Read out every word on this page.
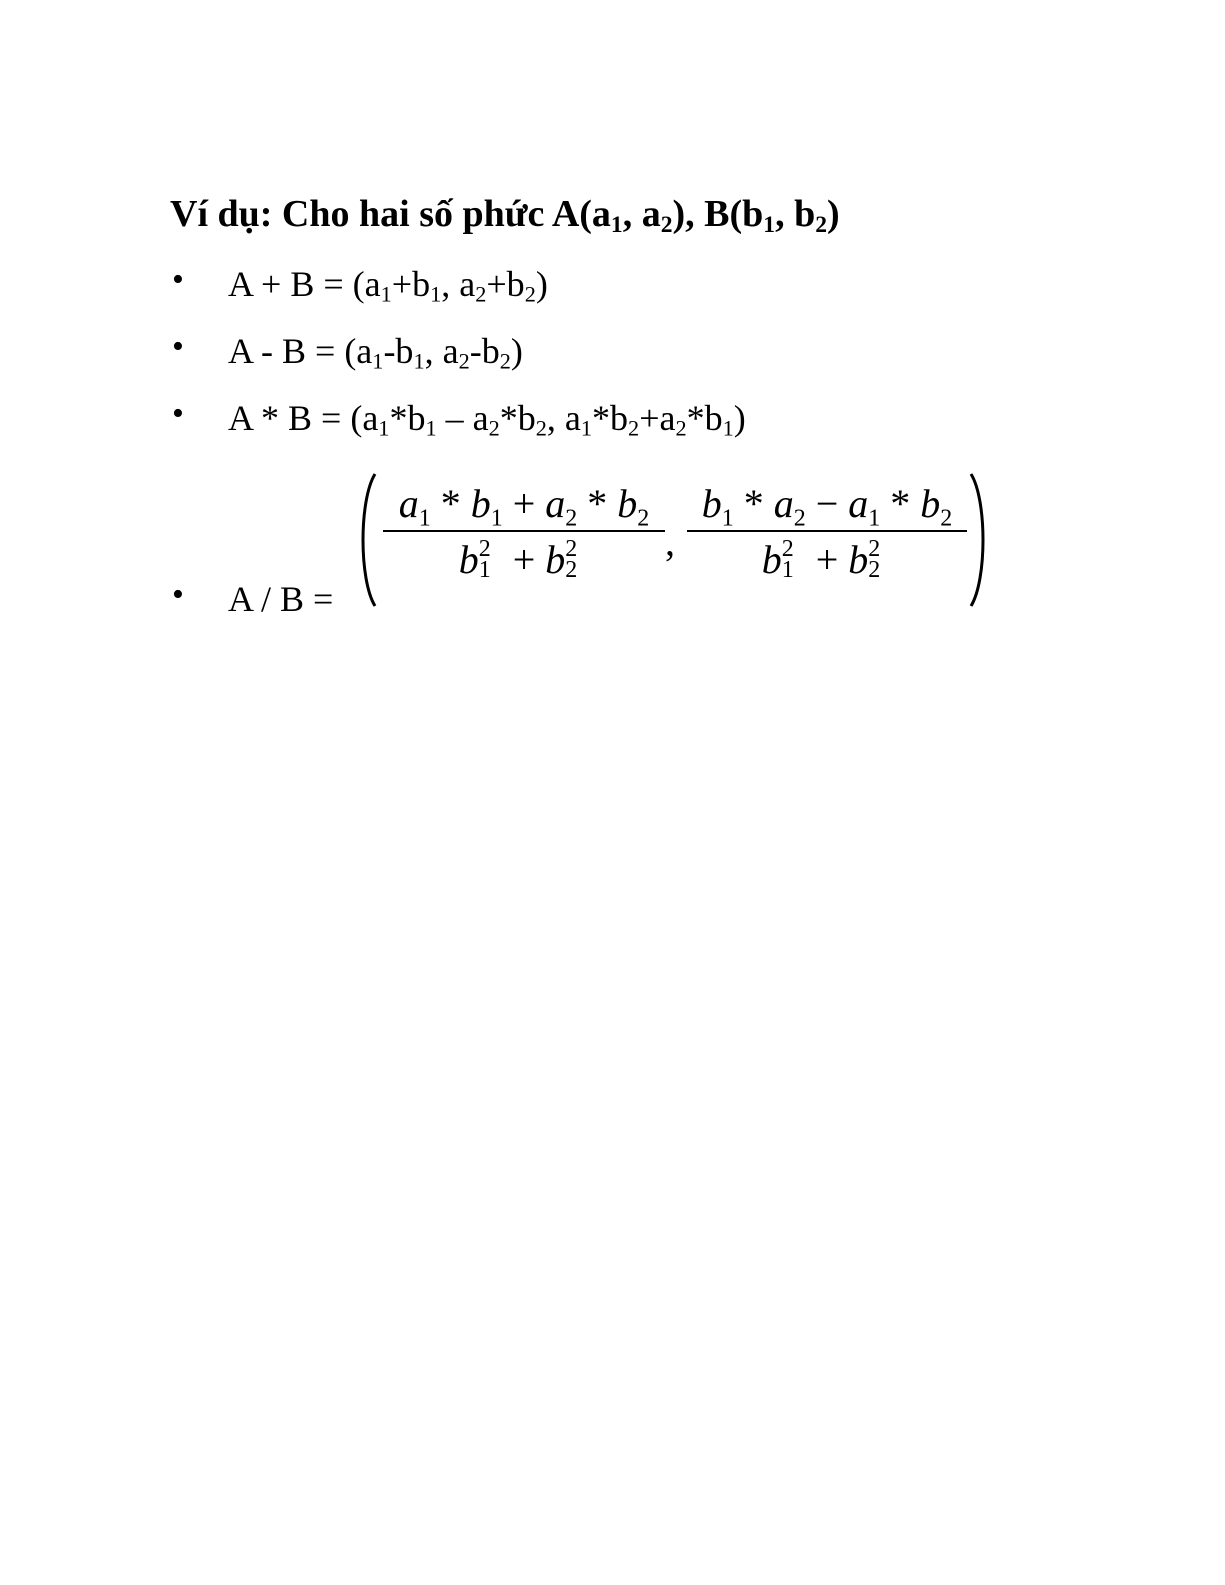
Ví dụ: Cho hai số phức $A(a_1$, $a_2$), $B(b_1$, $b_2$)
• $A + B = (a_1+b_1$, $a_2+b_2$)
• $A - B = (a_1-b_1$, $a_2-b_2$)
• $A * B = (a_1*b_1 - a_2*b_2$, $a_1*b_2+a_2*b_1$)
• A / B =
$a_1 * b_1 + a_2 * b_2$
b 2
1 + b 2
2
,
$b_1 * a_2 - a_1 * b_2$
b 2
1 + b 2
2
